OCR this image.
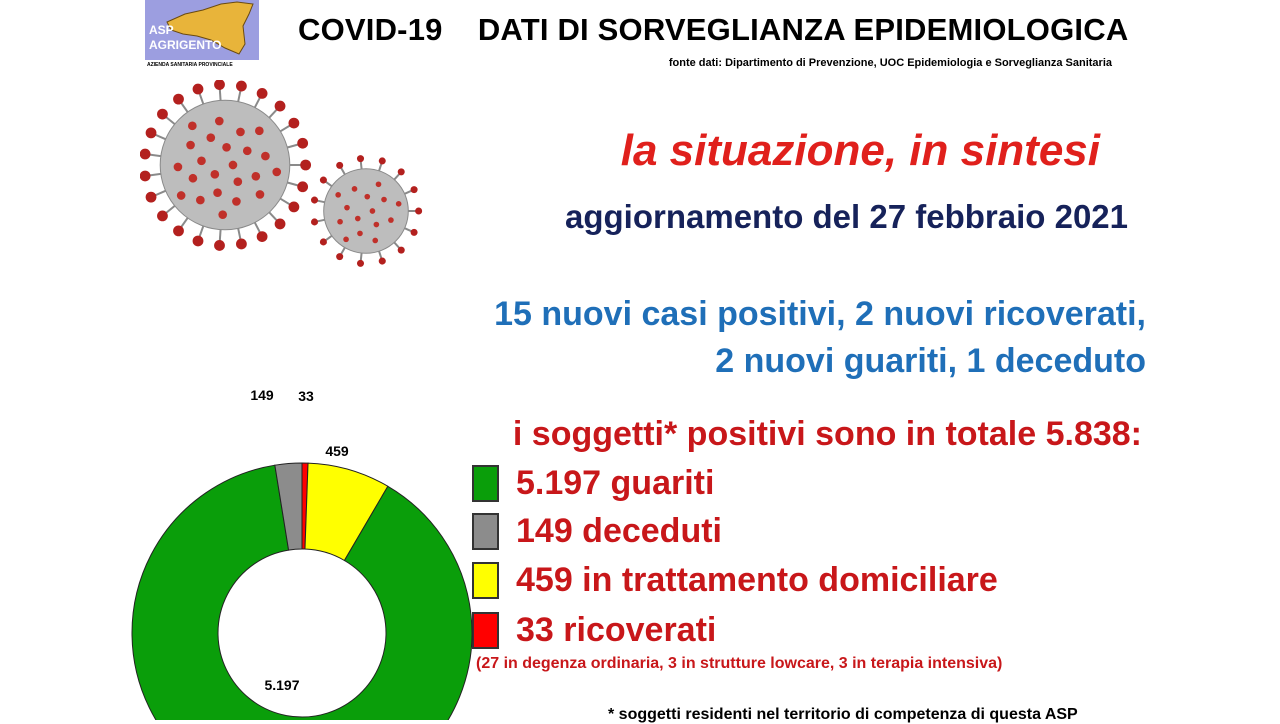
ASP
AGRIGENTO
AZIENDA SANITARIA PROVINCIALE
COVID-19    DATI DI SORVEGLIANZA EPIDEMIOLOGICA
fonte dati: Dipartimento di Prevenzione, UOC Epidemiologia e Sorveglianza Sanitaria
la situazione, in sintesi
aggiornamento del 27 febbraio 2021
15 nuovi casi positivi, 2 nuovi ricoverati,
2 nuovi guariti, 1 deceduto
i soggetti* positivi sono in totale 5.838:
5.197 guariti
149 deceduti
459 in trattamento domiciliare
33 ricoverati
(27 in degenza ordinaria, 3 in strutture lowcare, 3 in terapia intensiva)
* soggetti residenti nel territorio di competenza di questa ASP
5.197
149
459
33
